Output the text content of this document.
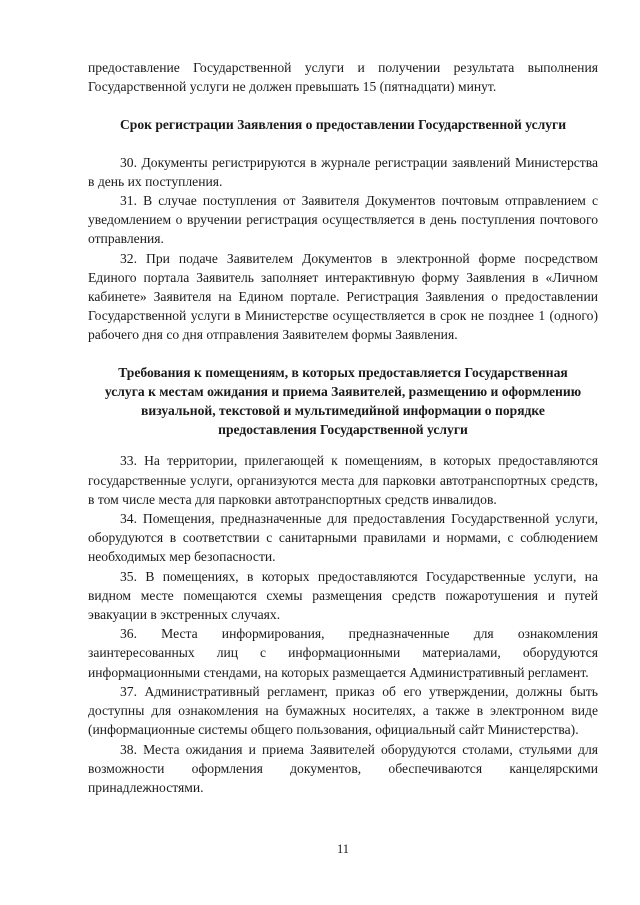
предоставление Государственной услуги и получении результата выполнения Государственной услуги не должен превышать 15 (пятнадцати) минут.

Срок регистрации Заявления о предоставлении Государственной услуги

30. Документы регистрируются в журнале регистрации заявлений Министерства в день их поступления.

31. В случае поступления от Заявителя Документов почтовым отправлением с уведомлением о вручении регистрация осуществляется в день поступления почтового отправления.

32. При подаче Заявителем Документов в электронной форме посредством Единого портала Заявитель заполняет интерактивную форму Заявления в «Личном кабинете» Заявителя на Едином портале. Регистрация Заявления о предоставлении Государственной услуги в Министерстве осуществляется в срок не позднее 1 (одного) рабочего дня со дня отправления Заявителем формы Заявления.

Требования к помещениям, в которых предоставляется Государственная услуга к местам ожидания и приема Заявителей, размещению и оформлению визуальной, текстовой и мультимедийной информации о порядке предоставления Государственной услуги

33. На территории, прилегающей к помещениям, в которых предоставляются государственные услуги, организуются места для парковки автотранспортных средств, в том числе места для парковки автотранспортных средств инвалидов.

34. Помещения, предназначенные для предоставления Государственной услуги, оборудуются в соответствии с санитарными правилами и нормами, с соблюдением необходимых мер безопасности.

35. В помещениях, в которых предоставляются Государственные услуги, на видном месте помещаются схемы размещения средств пожаротушения и путей эвакуации в экстренных случаях.

36. Места информирования, предназначенные для ознакомления заинтересованных лиц с информационными материалами, оборудуются информационными стендами, на которых размещается Административный регламент.

37. Административный регламент, приказ об его утверждении, должны быть доступны для ознакомления на бумажных носителях, а также в электронном виде (информационные системы общего пользования, официальный сайт Министерства).

38. Места ожидания и приема Заявителей оборудуются столами, стульями для возможности оформления документов, обеспечиваются канцелярскими принадлежностями.

11
